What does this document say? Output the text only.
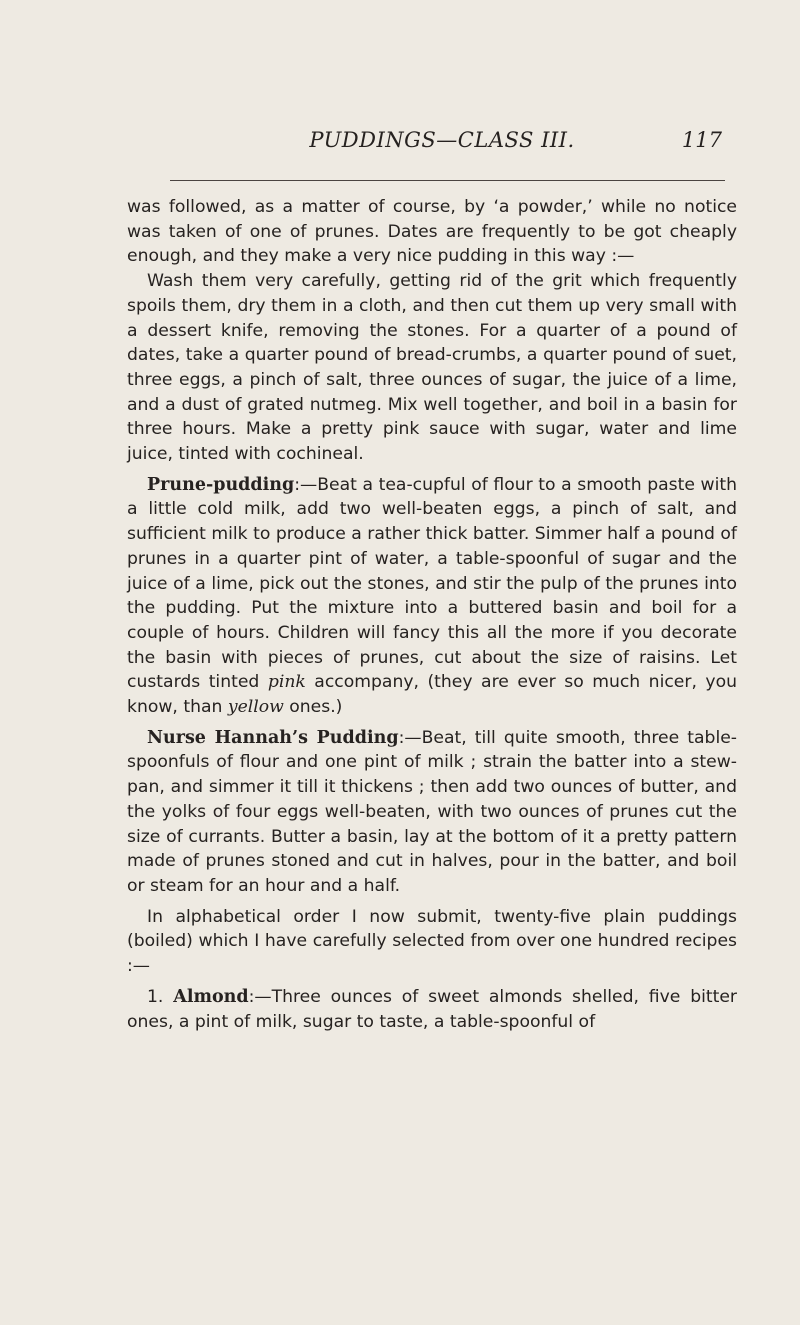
PUDDINGS—CLASS III.	117

was followed, as a matter of course, by ‘a powder,’ while no notice was taken of one of prunes. Dates are frequently to be got cheaply enough, and they make a very nice pudding in this way :—

Wash them very carefully, getting rid of the grit which frequently spoils them, dry them in a cloth, and then cut them up very small with a dessert knife, removing the stones. For a quarter of a pound of dates, take a quarter pound of bread-crumbs, a quarter pound of suet, three eggs, a pinch of salt, three ounces of sugar, the juice of a lime, and a dust of grated nutmeg. Mix well together, and boil in a basin for three hours. Make a pretty pink sauce with sugar, water and lime juice, tinted with cochineal.

Prune-pudding:—Beat a tea-cupful of flour to a smooth paste with a little cold milk, add two well-beaten eggs, a pinch of salt, and sufficient milk to produce a rather thick batter. Simmer half a pound of prunes in a quarter pint of water, a table-spoonful of sugar and the juice of a lime, pick out the stones, and stir the pulp of the prunes into the pudding. Put the mixture into a buttered basin and boil for a couple of hours. Children will fancy this all the more if you decorate the basin with pieces of prunes, cut about the size of raisins. Let custards tinted pink accompany, (they are ever so much nicer, you know, than yellow ones.)

Nurse Hannah’s Pudding:—Beat, till quite smooth, three table-spoonfuls of flour and one pint of milk ; strain the batter into a stew-pan, and simmer it till it thickens ; then add two ounces of butter, and the yolks of four eggs well-beaten, with two ounces of prunes cut the size of currants. Butter a basin, lay at the bottom of it a pretty pattern made of prunes stoned and cut in halves, pour in the batter, and boil or steam for an hour and a half.

In alphabetical order I now submit, twenty-five plain puddings (boiled) which I have carefully selected from over one hundred recipes :—

1. Almond:—Three ounces of sweet almonds shelled, five bitter ones, a pint of milk, sugar to taste, a table-spoonful of
